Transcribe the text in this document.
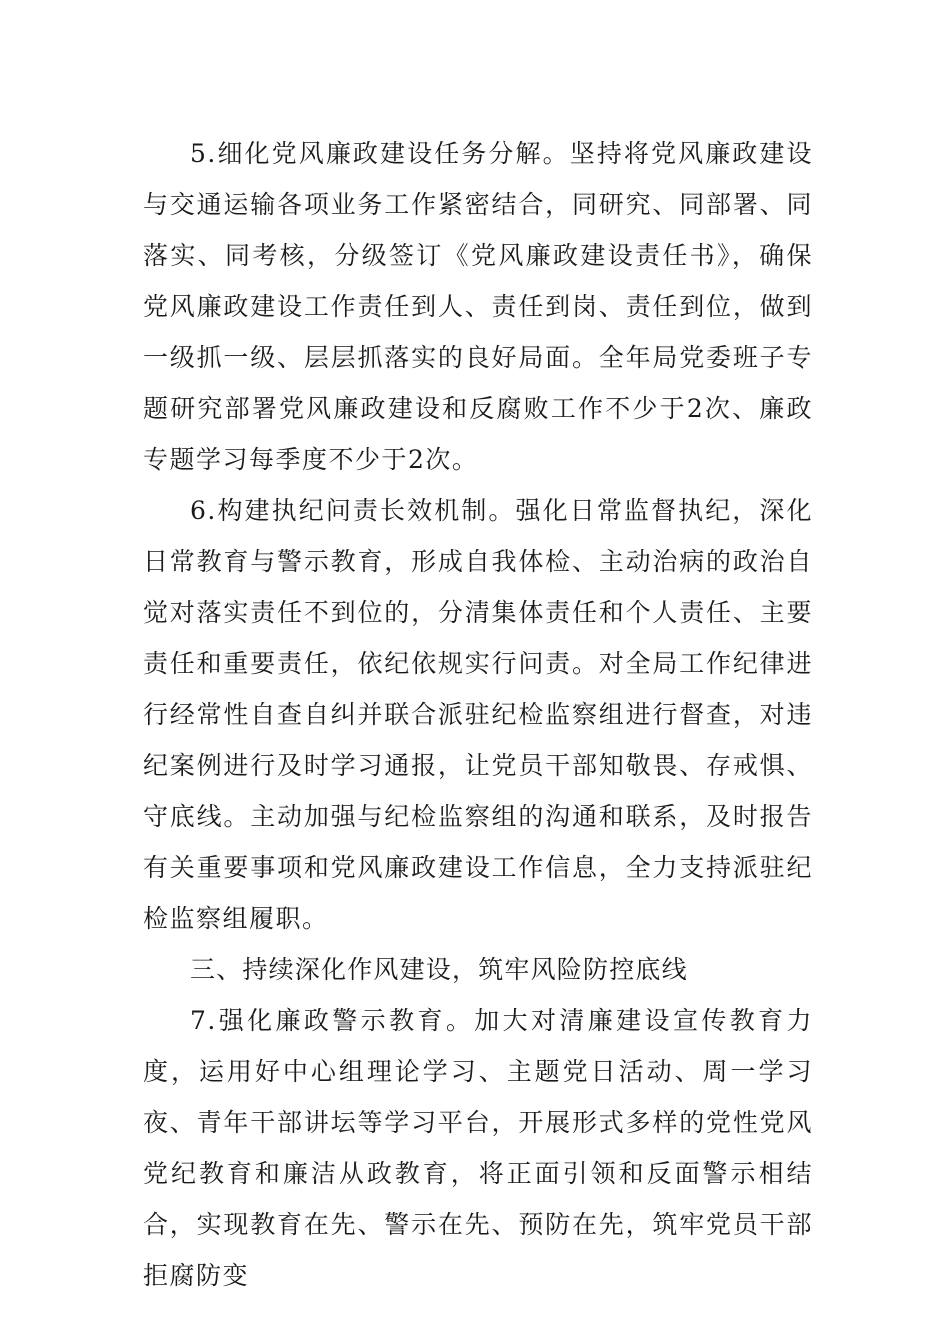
5.细化党风廉政建设任务分解。坚持将党风廉政建设与交通运输各项业务工作紧密结合，同研究、同部署、同落实、同考核，分级签订《党风廉政建设责任书》，确保党风廉政建设工作责任到人、责任到岗、责任到位，做到一级抓一级、层层抓落实的良好局面。全年局党委班子专题研究部署党风廉政建设和反腐败工作不少于2次、廉政专题学习每季度不少于2次。

6.构建执纪问责长效机制。强化日常监督执纪，深化日常教育与警示教育，形成自我体检、主动治病的政治自觉对落实责任不到位的，分清集体责任和个人责任、主要责任和重要责任，依纪依规实行问责。对全局工作纪律进行经常性自查自纠并联合派驻纪检监察组进行督查，对违纪案例进行及时学习通报，让党员干部知敬畏、存戒惧、守底线。主动加强与纪检监察组的沟通和联系，及时报告有关重要事项和党风廉政建设工作信息，全力支持派驻纪检监察组履职。

三、持续深化作风建设，筑牢风险防控底线

7.强化廉政警示教育。加大对清廉建设宣传教育力度，运用好中心组理论学习、主题党日活动、周一学习夜、青年干部讲坛等学习平台，开展形式多样的党性党风党纪教育和廉洁从政教育，将正面引领和反面警示相结合，实现教育在先、警示在先、预防在先，筑牢党员干部拒腐防变
